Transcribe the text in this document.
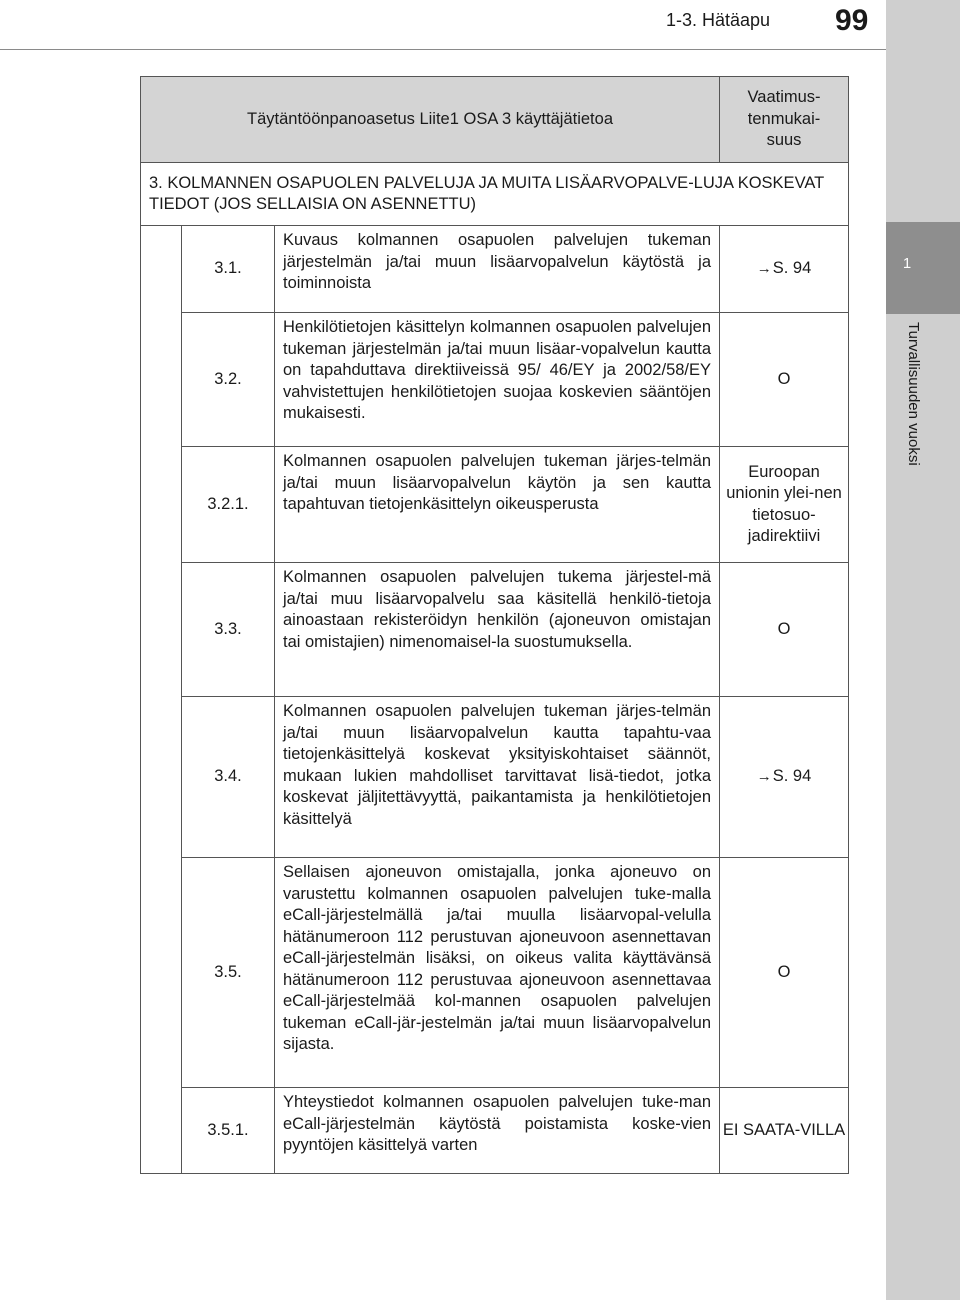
1-3. Hätäapu 99
1
Turvallisuuden vuoksi
Täytäntöönpanoasetus Liite1 OSA 3 käyttäjätietoa			Vaatimus-
tenmukai-
suus
3. KOLMANNEN OSAPUOLEN PALVELUJA JA MUITA LISÄARVOPALVE-LUJA KOSKEVAT TIEDOT (JOS SELLAISIA ON ASENNETTU)			
	3.1.	Kuvaus kolmannen osapuolen palvelujen tukeman järjestelmän ja/tai muun lisäarvopalvelun käytöstä ja toiminnoista	→S. 94
	3.2.	Henkilötietojen käsittelyn kolmannen osapuolen palvelujen tukeman järjestelmän ja/tai muun lisäar-vopalvelun kautta on tapahduttava direktiiveissä 95/ 46/EY ja 2002/58/EY vahvistettujen henkilötietojen suojaa koskevien sääntöjen mukaisesti.	O
	3.2.1.	Kolmannen osapuolen palvelujen tukeman järjes-telmän ja/tai muun lisäarvopalvelun käytön ja sen kautta tapahtuvan tietojenkäsittelyn oikeusperusta	Euroopan unionin ylei-nen tietosuo-jadirektiivi
	3.3.	Kolmannen osapuolen palvelujen tukema järjestel-mä ja/tai muu lisäarvopalvelu saa käsitellä henkilö-tietoja ainoastaan rekisteröidyn henkilön (ajoneuvon omistajan tai omistajien) nimenomaisel-la suostumuksella.	O
	3.4.	Kolmannen osapuolen palvelujen tukeman järjes-telmän ja/tai muun lisäarvopalvelun kautta tapahtu-vaa tietojenkäsittelyä koskevat yksityiskohtaiset säännöt, mukaan lukien mahdolliset tarvittavat lisä-tiedot, jotka koskevat jäljitettävyyttä, paikantamista ja henkilötietojen käsittelyä	→S. 94
	3.5.	Sellaisen ajoneuvon omistajalla, jonka ajoneuvo on varustettu kolmannen osapuolen palvelujen tuke-malla eCall-järjestelmällä ja/tai muulla lisäarvopal-velulla hätänumeroon 112 perustuvan ajoneuvoon asennettavan eCall-järjestelmän lisäksi, on oikeus valita käyttävänsä hätänumeroon 112 perustuvaa ajoneuvoon asennettavaa eCall-järjestelmää kol-mannen osapuolen palvelujen tukeman eCall-jär-jestelmän ja/tai muun lisäarvopalvelun sijasta.	O
	3.5.1.	Yhteystiedot kolmannen osapuolen palvelujen tuke-man eCall-järjestelmän käytöstä poistamista koske-vien pyyntöjen käsittelyä varten	EI SAATA-VILLA
